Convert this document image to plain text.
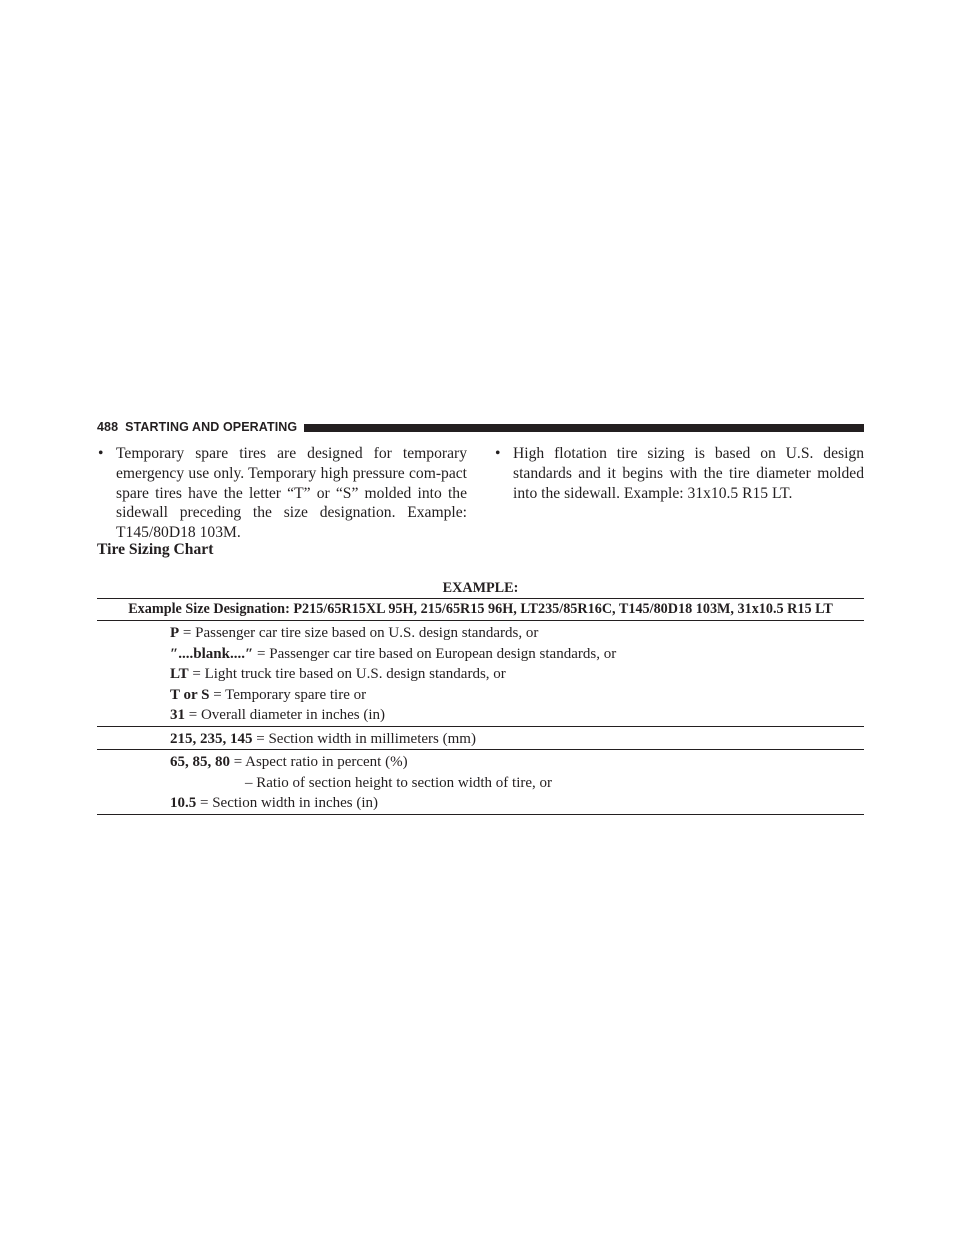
488 STARTING AND OPERATING
• Temporary spare tires are designed for temporary emergency use only. Temporary high pressure com-pact spare tires have the letter “T” or “S” molded into the sidewall preceding the size designation. Example: T145/80D18 103M.
• High flotation tire sizing is based on U.S. design standards and it begins with the tire diameter molded into the sidewall. Example: 31x10.5 R15 LT.
Tire Sizing Chart
EXAMPLE:
Example Size Designation: P215/65R15XL 95H, 215/65R15 96H, LT235/85R16C, T145/80D18 103M, 31x10.5 R15 LT
P = Passenger car tire size based on U.S. design standards, or
″....blank....″ = Passenger car tire based on European design standards, or
LT = Light truck tire based on U.S. design standards, or
T or S = Temporary spare tire or
31 = Overall diameter in inches (in)
215, 235, 145 = Section width in millimeters (mm)
65, 85, 80 = Aspect ratio in percent (%)
– Ratio of section height to section width of tire, or
10.5 = Section width in inches (in)
